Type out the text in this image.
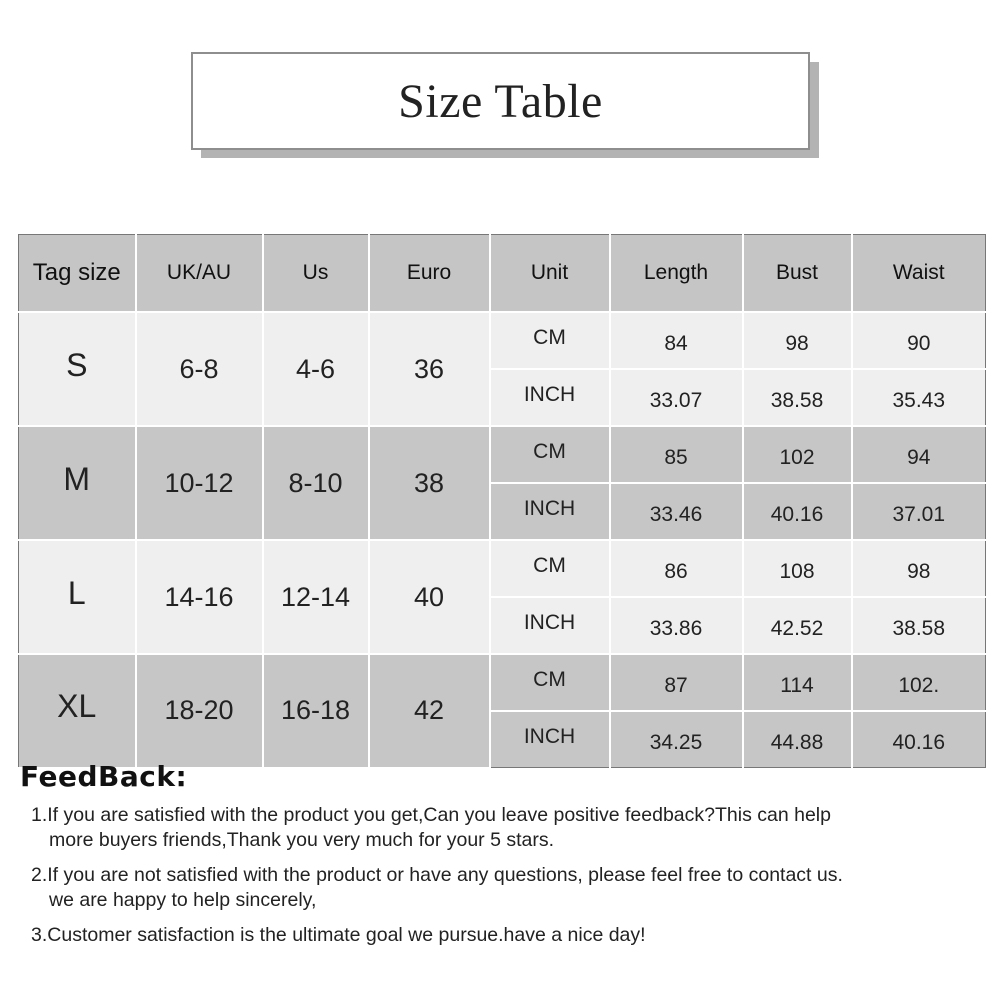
Size Table
Tag size	UK/AU	Us	Euro	Unit	Length	Bust	Waist
S	6-8	4-6	36	CM	84	98	90
				INCH	33.07	38.58	35.43
M	10-12	8-10	38	CM	85	102	94
				INCH	33.46	40.16	37.01
L	14-16	12-14	40	CM	86	108	98
				INCH	33.86	42.52	38.58
XL	18-20	16-18	42	CM	87	114	102.
				INCH	34.25	44.88	40.16
FeedBack:
1.If you are satisfied with the product you get,Can you leave positive feedback?This can help
more buyers friends,Thank you very much for your 5 stars.
2.If you are not satisfied with the product or have any questions, please feel free to contact us.
we are happy to help sincerely,
3.Customer satisfaction is the ultimate goal we pursue.have a nice day!
